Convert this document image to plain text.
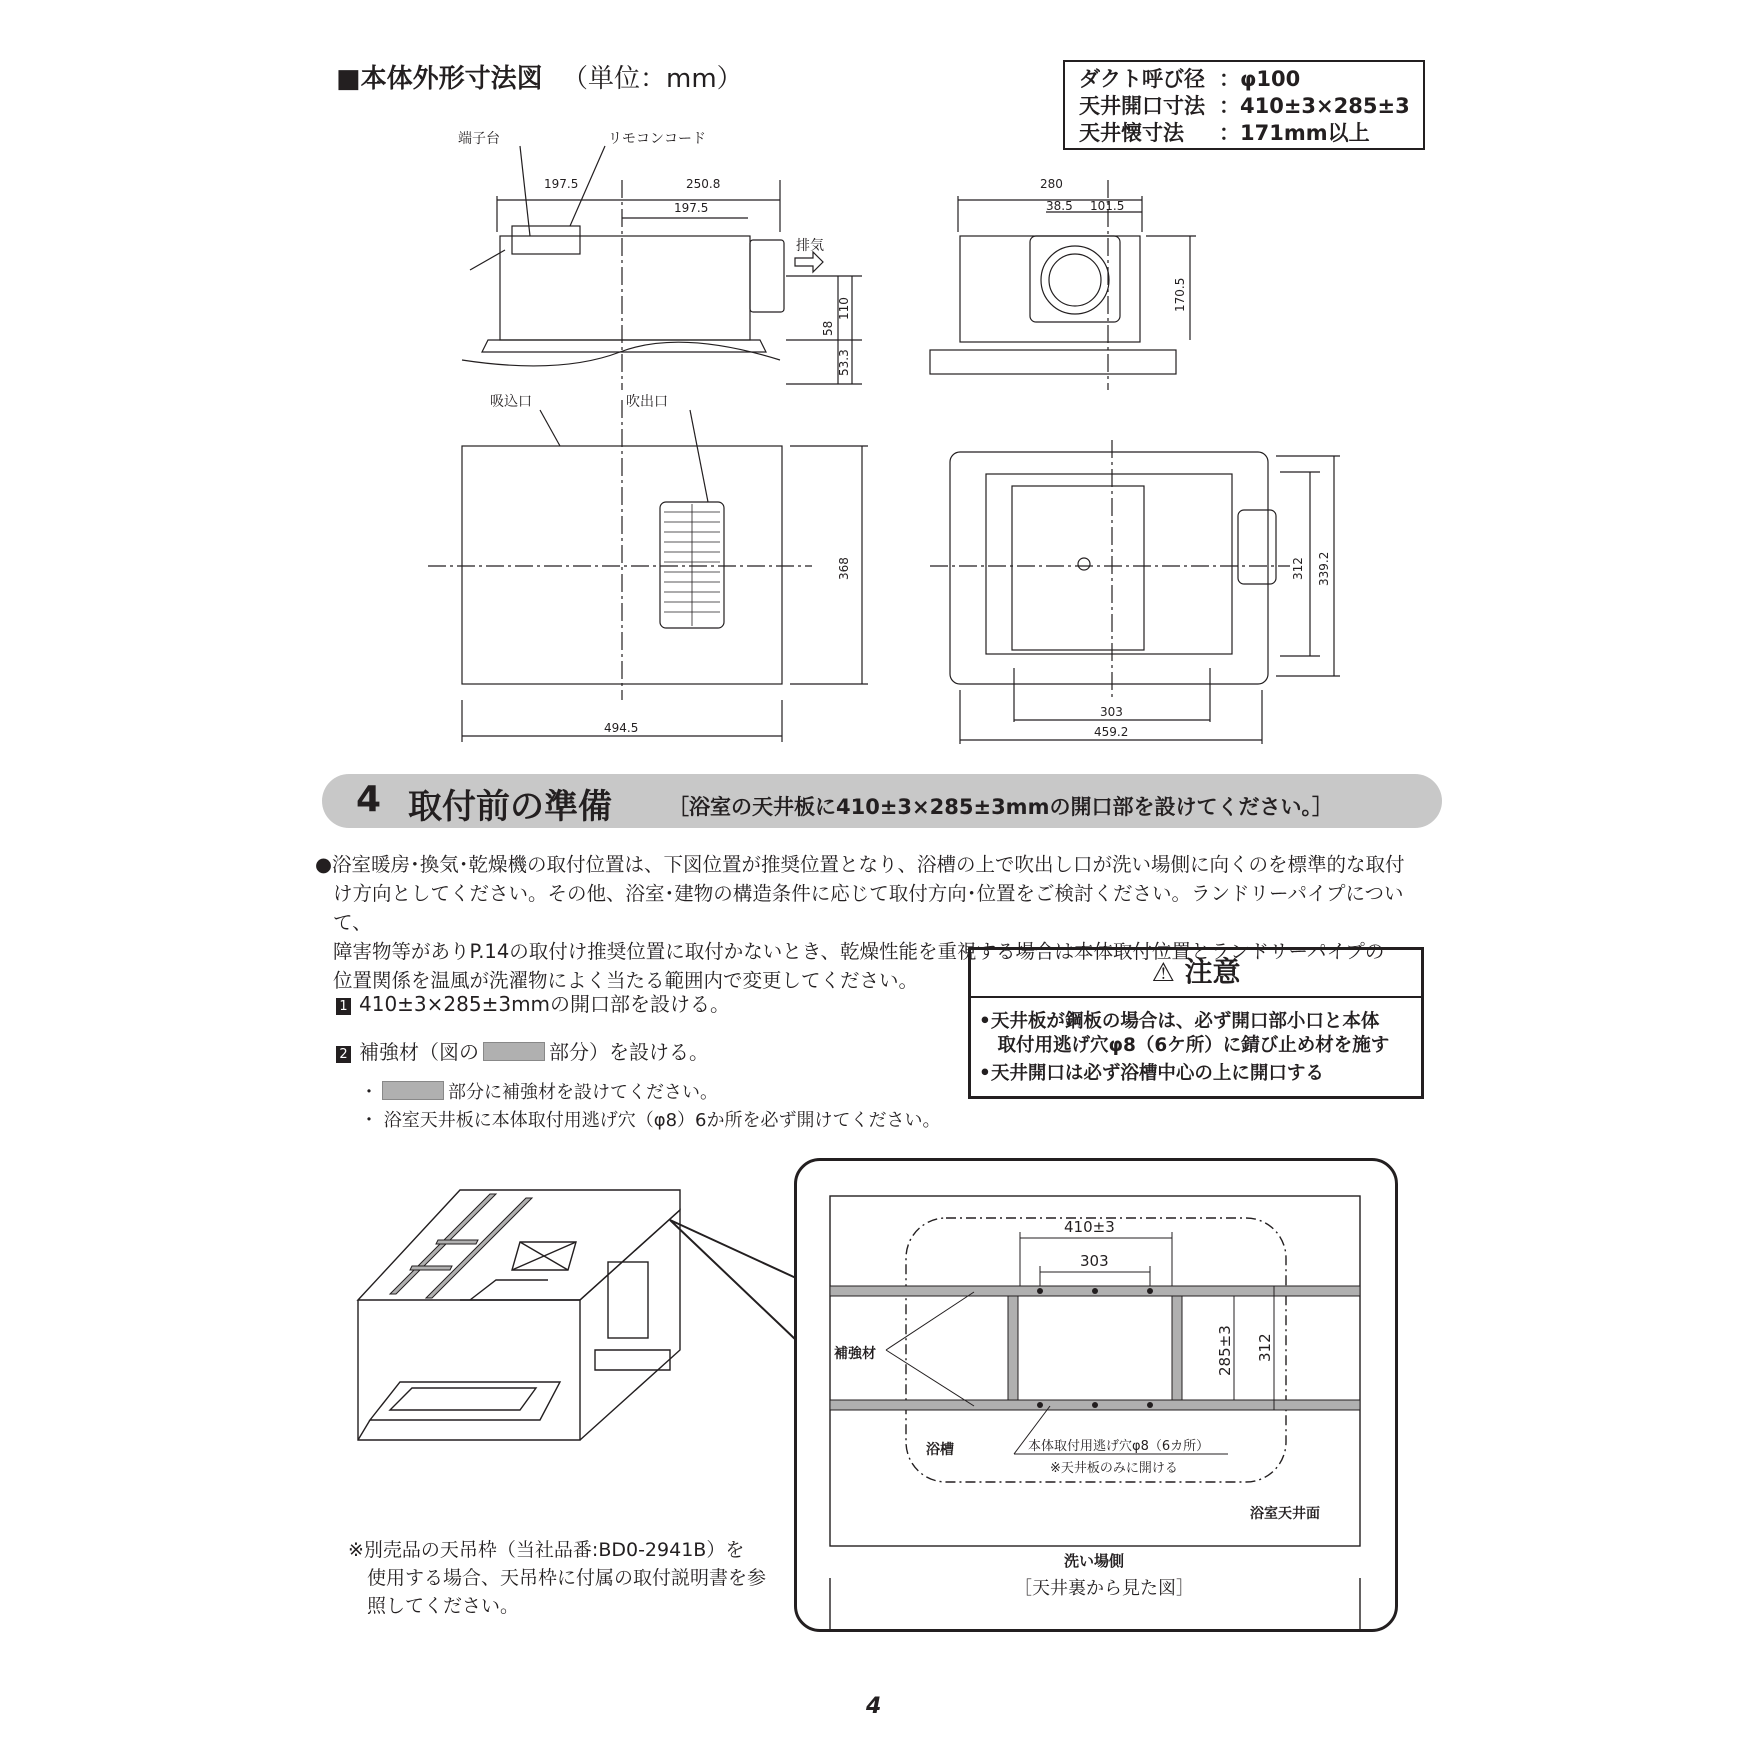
■本体外形寸法図 （単位：mm）	ダクト呼び径 ：φ100
天井開口寸法 ：410±3×285±3
天井懐寸法	：171mm以上
端子台	リモコンコード
排気
吸込口	吹出口
197.5	250.8
197.5
110
58
53.3
280
38.5 101.5
170.5
368
494.5
312 339.2
303
459.2
4 取付前の準備	［浴室の天井板に410±3×285±3mmの開口部を設けてください。］

●浴室暖房･換気･乾燥機の取付位置は、下図位置が推奨位置となり、浴槽の上で吹出し口が洗い場側に向くのを標準的な取付

け方向としてください。その他、浴室･建物の構造条件に応じて取付方向･位置をご検討ください。ランドリーパイプについて、

障害物等がありP.14の取付け推奨位置に取付かないとき、乾燥性能を重視する場合は本体取付位置とランドリーパイプの

位置関係を温風が洗濯物によく当たる範囲内で変更してください。

1 410±3×285±3mmの開口部を設ける。
2 補強材（図の	部分）を設ける。
・	部分に補強材を設けてください。
・ 浴室天井板に本体取付用逃げ穴（φ8）6か所を必ず開けてください。
⚠ 注意

•天井板が鋼板の場合は、必ず開口部小口と本体

　取付用逃げ穴φ8（6ケ所）に錆び止め材を施す

•天井開口は必ず浴槽中心の上に開口する

410±3
303
285±3 312
補強材
浴槽	本体取付用逃げ穴φ8（6カ所）
※天井板のみに開ける
浴室天井面
洗い場側
［天井裏から見た図］
※別売品の天吊枠（当社品番:BD0-2941B）を
　使用する場合、天吊枠に付属の取付説明書を参
　照してください。
4
